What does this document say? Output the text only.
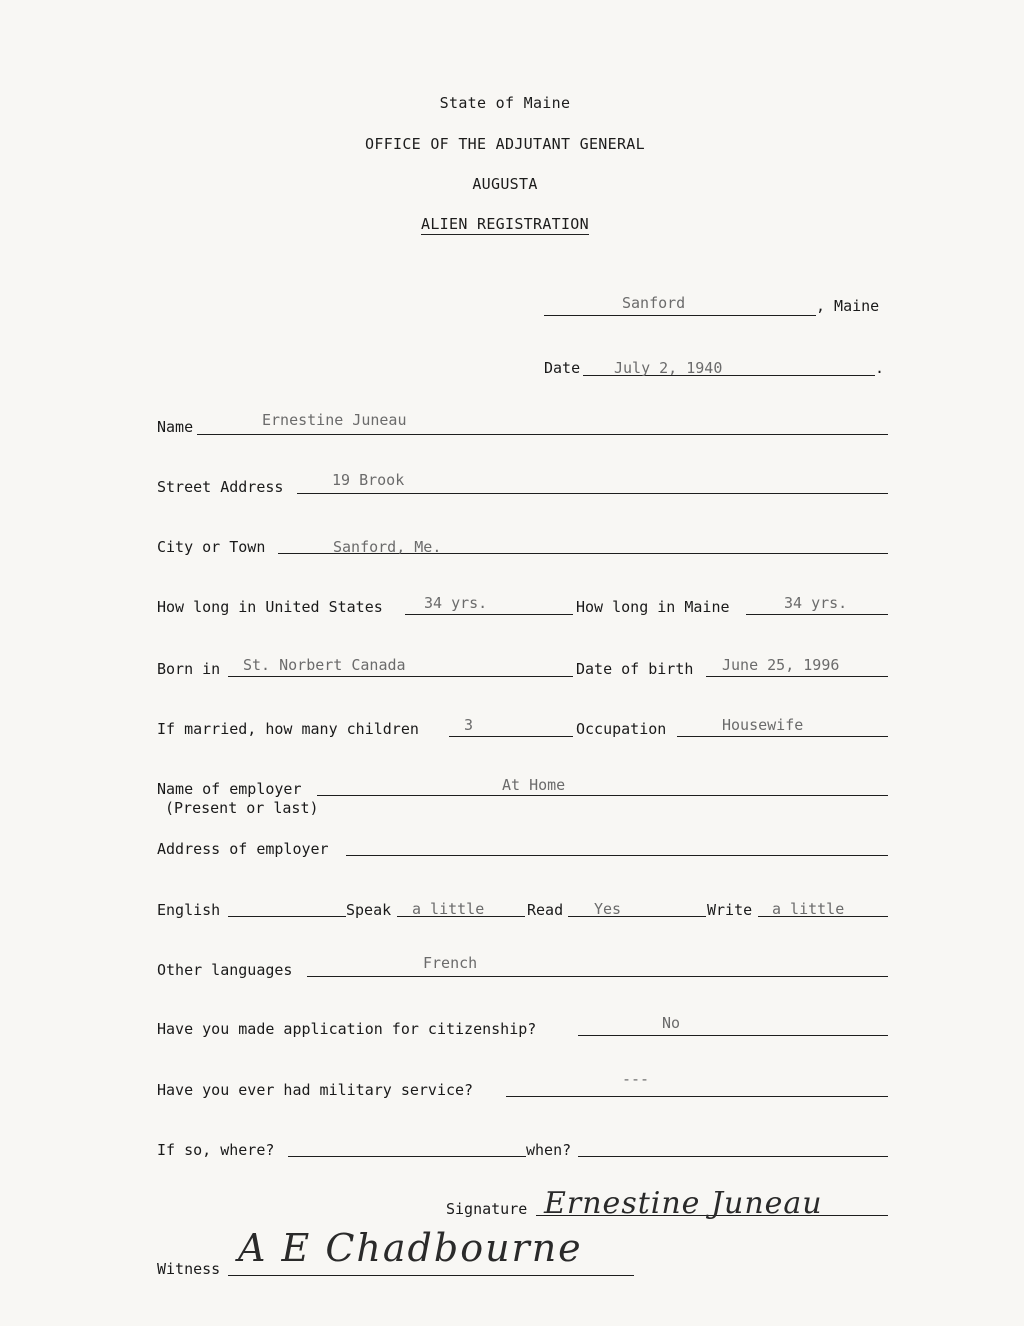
State of Maine
OFFICE OF THE ADJUTANT GENERAL
AUGUSTA
ALIEN REGISTRATION
Sanford	, Maine
Date July 2, 1940	.
Name	Ernestine Juneau
Street Address	19 Brook
City or Town	Sanford, Me.
How long in United States	34 yrs.	How long in Maine	34 yrs.
Born in St. Norbert Canada	Date of birth June 25, 1996
If married, how many children	3	Occupation	Housewife
Name of employer	At Home
(Present or last)
Address of employer
English	Speak a little	Read Yes	Write a little
Other languages	French
Have you made application for citizenship?	No
Have you ever had military service?
---
If so, where?	when?
Signature Ernestine Juneau
Witness A E Chadbourne
